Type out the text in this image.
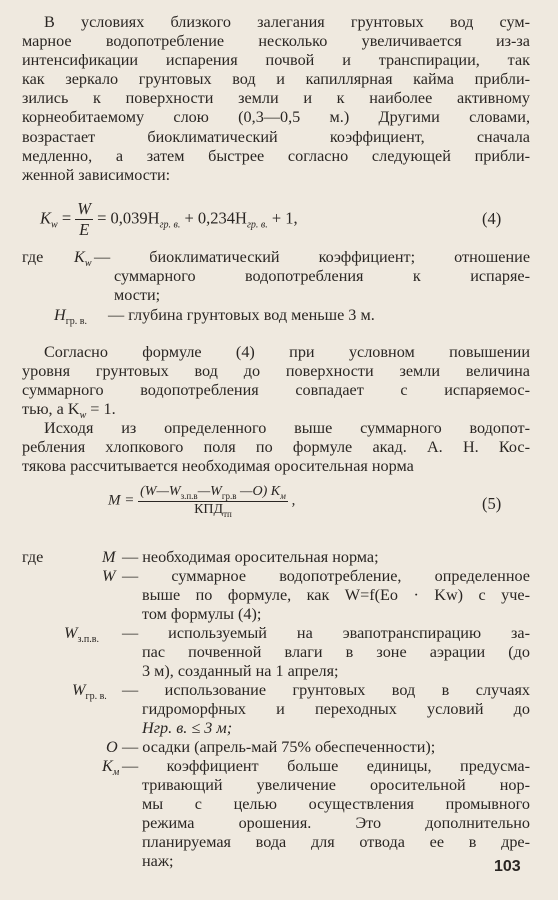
В условиях близкого залегания грунтовых вод сум-
марное водопотребление несколько увеличивается из-за
интенсификации испарения почвой и транспирации, так
как зеркало грунтовых вод и капиллярная кайма прибли-
зились к поверхности земли и к наиболее активному
корнеобитаемому слою (0,3—0,5 м.) Другими словами,
возрастает биоклиматический коэффициент, сначала
медленно, а затем быстрее согласно следующей прибли-
женной зависимости:
$K_w = \frac{W}{E} = 0,039H_{гр. в.} + 0,234H_{гр. в.} + 1$,	(4)
где $K_w$ — биоклиматический коэффициент; отношение
суммарного водопотребления к испаряе-
мости;
$H_{гр. в.}$ — глубина грунтовых вод меньше 3 м.
Согласно формуле (4) при условном повышении
уровня грунтовых вод до поверхности земли величина
суммарного водопотребления совпадает с испаряемос-
тью, а $K_w = 1$.
Исходя из определенного выше суммарного водопот-
ребления хлопкового поля по формуле акад. А. Н. Кос-
тякова рассчитывается необходимая оросительная норма
$M = \frac{(W—W_{з.п.в}—W_{гр.в} —O) K_м}{КПД_{тп}}$ ,	(5)
где	M — необходимая оросительная норма;
W — суммарное водопотребление, определенное
выше по формуле, как W=f(Eo · Kw) с уче-
том формулы (4);
$W_{з.п.в.}$ — используемый на эвапотранспирацию за-
пас почвенной влаги в зоне аэрации (до
3 м), созданный на 1 апреля;
$W_{гр. в.}$ — использование грунтовых вод в случаях
гидроморфных и переходных условий до
Hгр. в. ≤ 3 м;
O — осадки (апрель-май 75% обеспеченности);
$K_м$ — коэффициент больше единицы, предусма-
тривающий увеличение оросительной нор-
мы с целью осуществления промывного
режима орошения. Это дополнительно
планируемая вода для отвода ее в дре-
наж;	103
